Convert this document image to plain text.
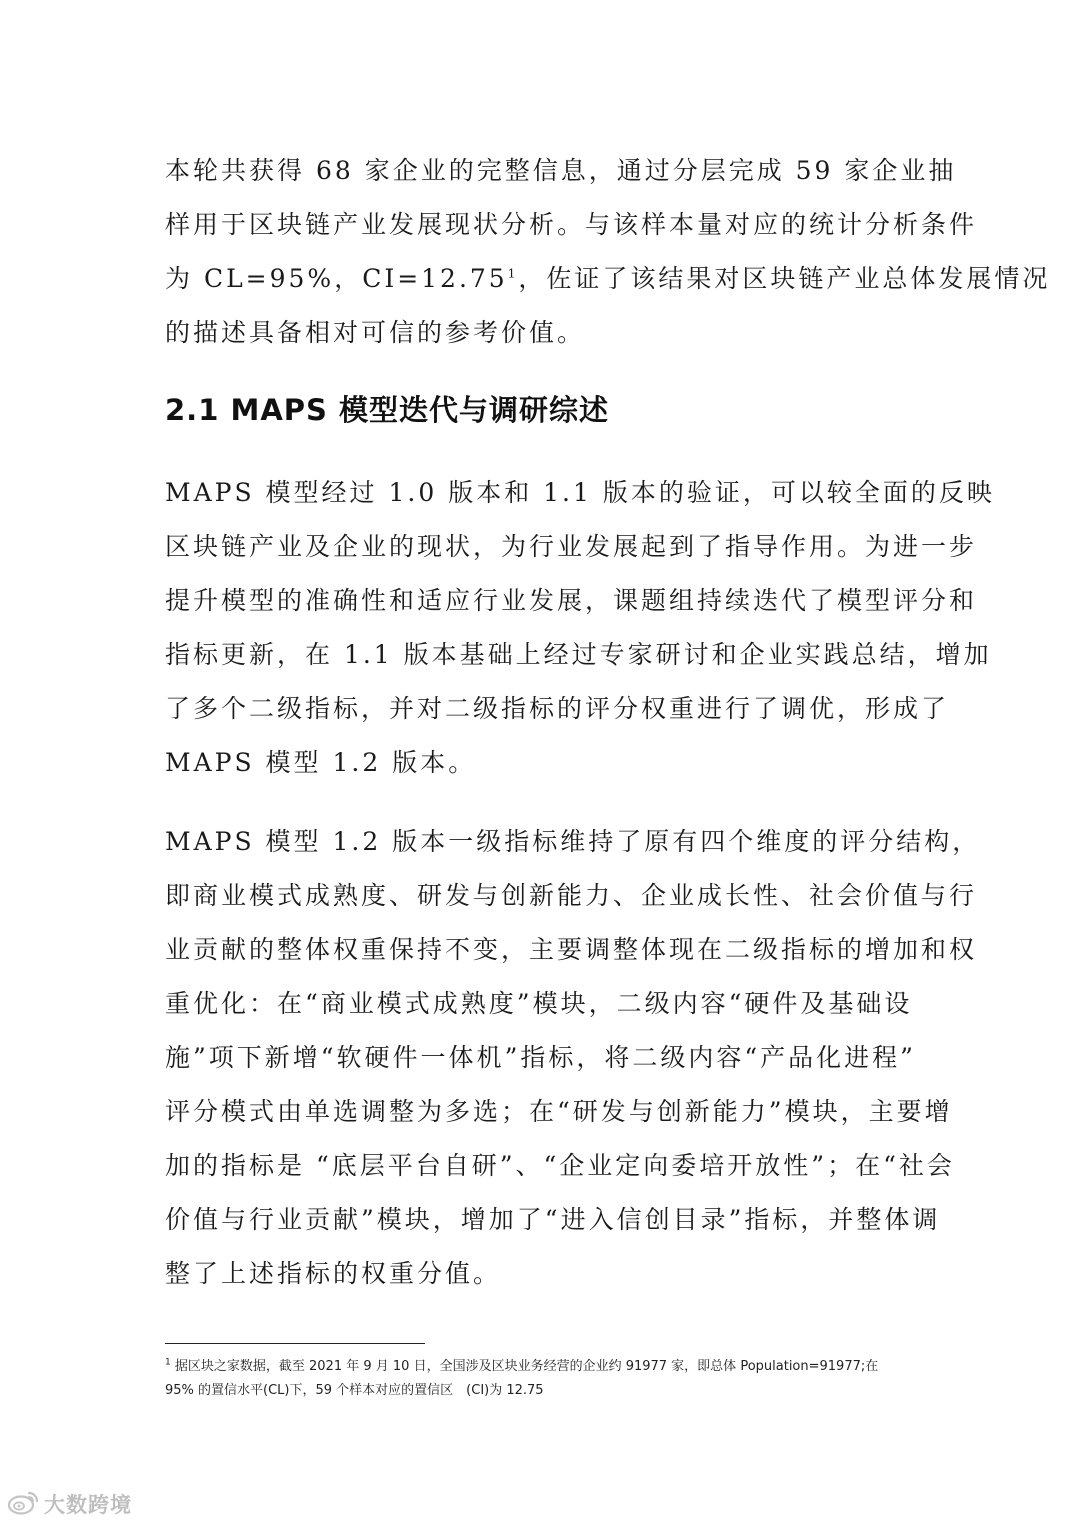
本轮共获得 68 家企业的完整信息，通过分层完成 59 家企业抽
样用于区块链产业发展现状分析。与该样本量对应的统计分析条件
为 CL=95%，$CI=12.75^1$，佐证了该结果对区块链产业总体发展情况
的描述具备相对可信的参考价值。
2.1 MAPS 模型迭代与调研综述
MAPS 模型经过 1.0 版本和 1.1 版本的验证，可以较全面的反映
区块链产业及企业的现状，为行业发展起到了指导作用。为进一步
提升模型的准确性和适应行业发展，课题组持续迭代了模型评分和
指标更新，在 1.1 版本基础上经过专家研讨和企业实践总结，增加
了多个二级指标，并对二级指标的评分权重进行了调优，形成了
MAPS 模型 1.2 版本。
MAPS 模型 1.2 版本一级指标维持了原有四个维度的评分结构，
即商业模式成熟度、研发与创新能力、企业成长性、社会价值与行
业贡献的整体权重保持不变，主要调整体现在二级指标的增加和权
重优化：在“商业模式成熟度”模块，二级内容“硬件及基础设
施”项下新增“软硬件一体机”指标，将二级内容“产品化进程”
评分模式由单选调整为多选；在“研发与创新能力”模块，主要增
加的指标是 “底层平台自研”、“企业定向委培开放性”；在“社会
价值与行业贡献”模块，增加了“进入信创目录”指标，并整体调
整了上述指标的权重分值。
$^1$ 据区块之家数据，截至 2021 年 9 月 10 日，全国涉及区块业务经营的企业约 91977 家，即总体 Population=91977;在
95% 的置信水平(CL)下，59 个样本对应的置信区　(CI)为 12.75
大数跨境
